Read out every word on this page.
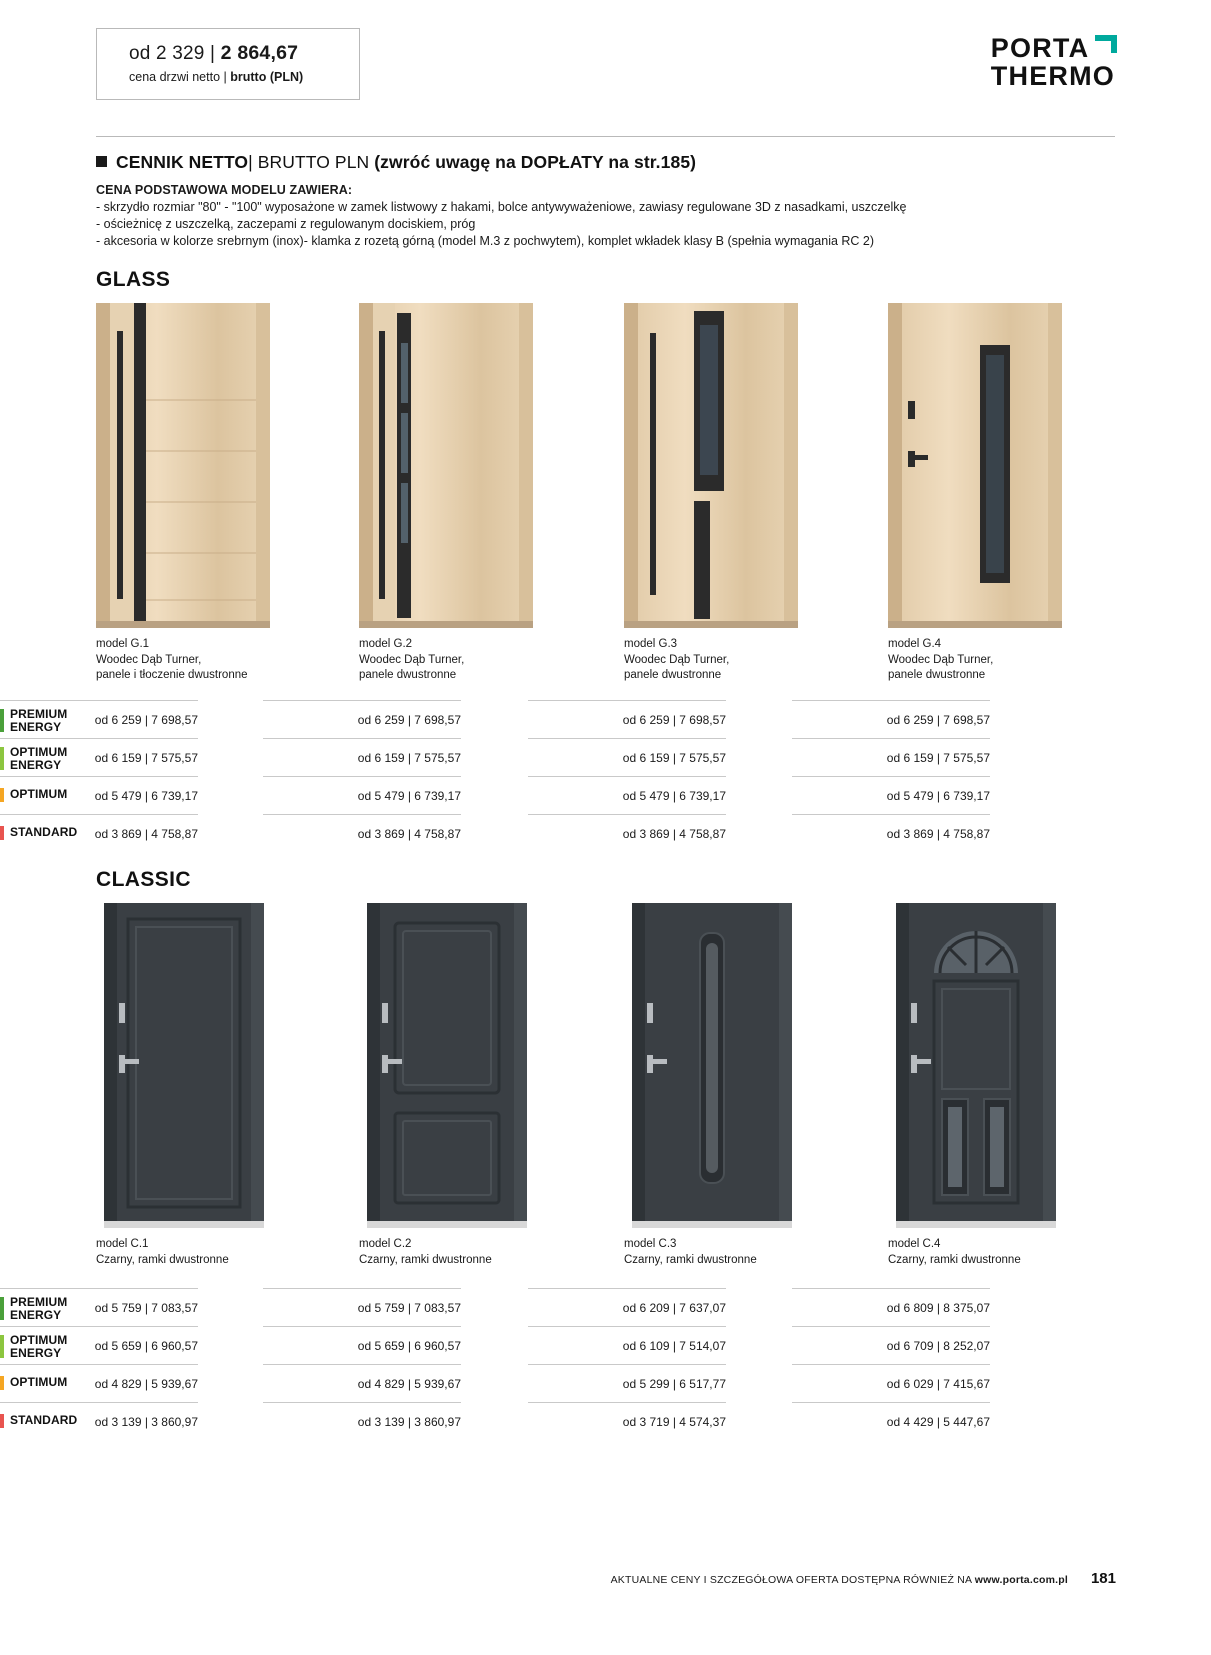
od 2 329 | 2 864,67
cena drzwi netto | brutto (PLN)
PORTA
THERMO
CENNIK NETTO| BRUTTO PLN (zwróć uwagę na DOPŁATY na str.185)
CENA PODSTAWOWA MODELU ZAWIERA:
- skrzydło rozmiar "80" - "100" wyposażone w zamek listwowy z hakami, bolce antywyważeniowe, zawiasy regulowane 3D z nasadkami, uszczelkę
- ościeżnicę z uszczelką, zaczepami z regulowanym dociskiem, próg
- akcesoria w kolorze srebrnym (inox)- klamka z rozetą górną (model M.3 z pochwytem), komplet wkładek klasy B (spełnia wymagania RC 2)
GLASS
model G.1
Woodec Dąb Turner,
panele i tłoczenie dwustronne
model G.2
Woodec Dąb Turner,
panele dwustronne
model G.3
Woodec Dąb Turner,
panele dwustronne
model G.4
Woodec Dąb Turner,
panele dwustronne
PREMIUM
ENERGY
od 6 259 | 7 698,57	od 6 259 | 7 698,57	od 6 259 | 7 698,57	od 6 259 | 7 698,57
OPTIMUM
ENERGY
od 6 159 | 7 575,57	od 6 159 | 7 575,57	od 6 159 | 7 575,57	od 6 159 | 7 575,57
OPTIMUM	od 5 479 | 6 739,17	od 5 479 | 6 739,17	od 5 479 | 6 739,17	od 5 479 | 6 739,17
STANDARD	od 3 869 | 4 758,87	od 3 869 | 4 758,87	od 3 869 | 4 758,87	od 3 869 | 4 758,87
CLASSIC
model C.1
Czarny, ramki dwustronne
model C.2
Czarny, ramki dwustronne
model C.3
Czarny, ramki dwustronne
model C.4
Czarny, ramki dwustronne
PREMIUM
ENERGY
od 5 759 | 7 083,57	od 5 759 | 7 083,57	od 6 209 | 7 637,07	od 6 809 | 8 375,07
OPTIMUM
ENERGY
od 5 659 | 6 960,57	od 5 659 | 6 960,57	od 6 109 | 7 514,07	od 6 709 | 8 252,07
OPTIMUM	od 4 829 | 5 939,67	od 4 829 | 5 939,67	od 5 299 | 6 517,77	od 6 029 | 7 415,67
STANDARD	od 3 139 | 3 860,97	od 3 139 | 3 860,97	od 3 719 | 4 574,37	od 4 429 | 5 447,67
AKTUALNE CENY I SZCZEGÓŁOWA OFERTA DOSTĘPNA RÓWNIEŻ NA www.porta.com.pl 181
